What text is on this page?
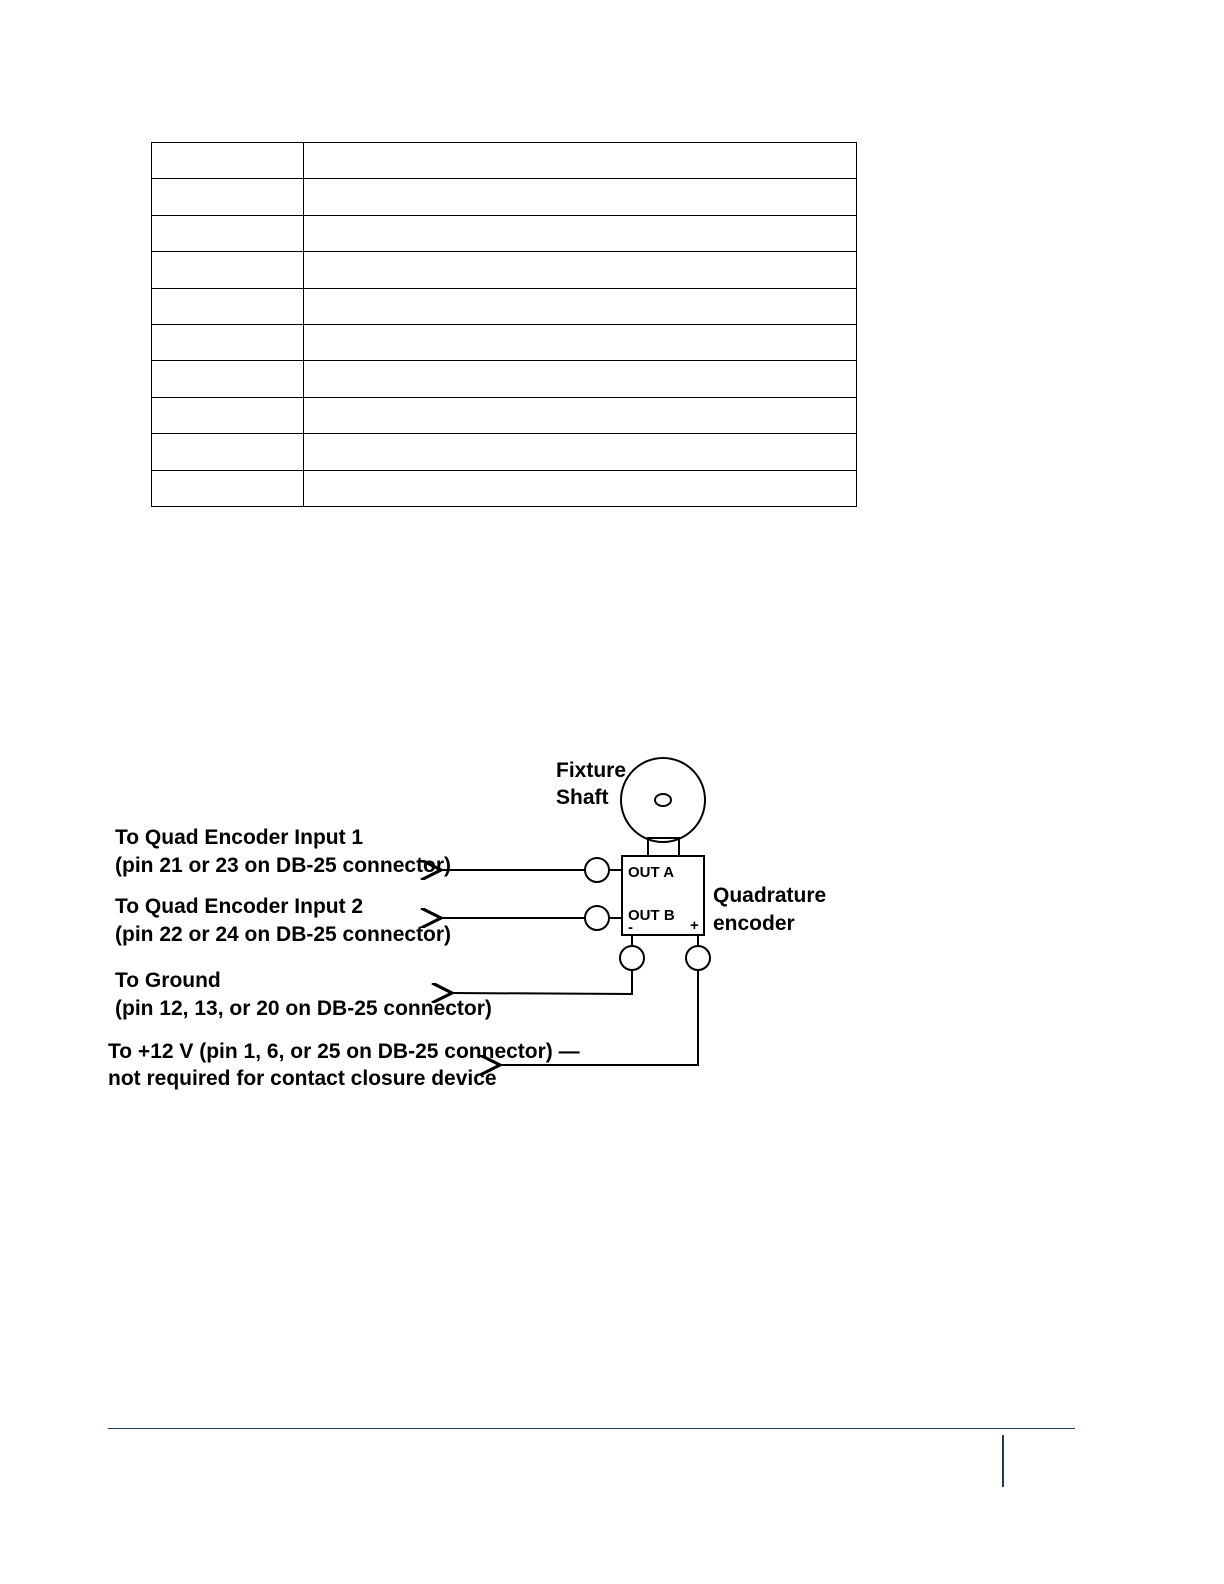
OUT A
OUT B
-	+
Fixture
Shaft
Quadrature
encoder
To Quad Encoder Input 1
(pin 21 or 23 on DB-25 connector)
To Quad Encoder Input 2
(pin 22 or 24 on DB-25 connector)
To Ground
(pin 12, 13, or 20 on DB-25 connector)
To +12 V (pin 1, 6, or 25 on DB-25 connector) —
not required for contact closure device
